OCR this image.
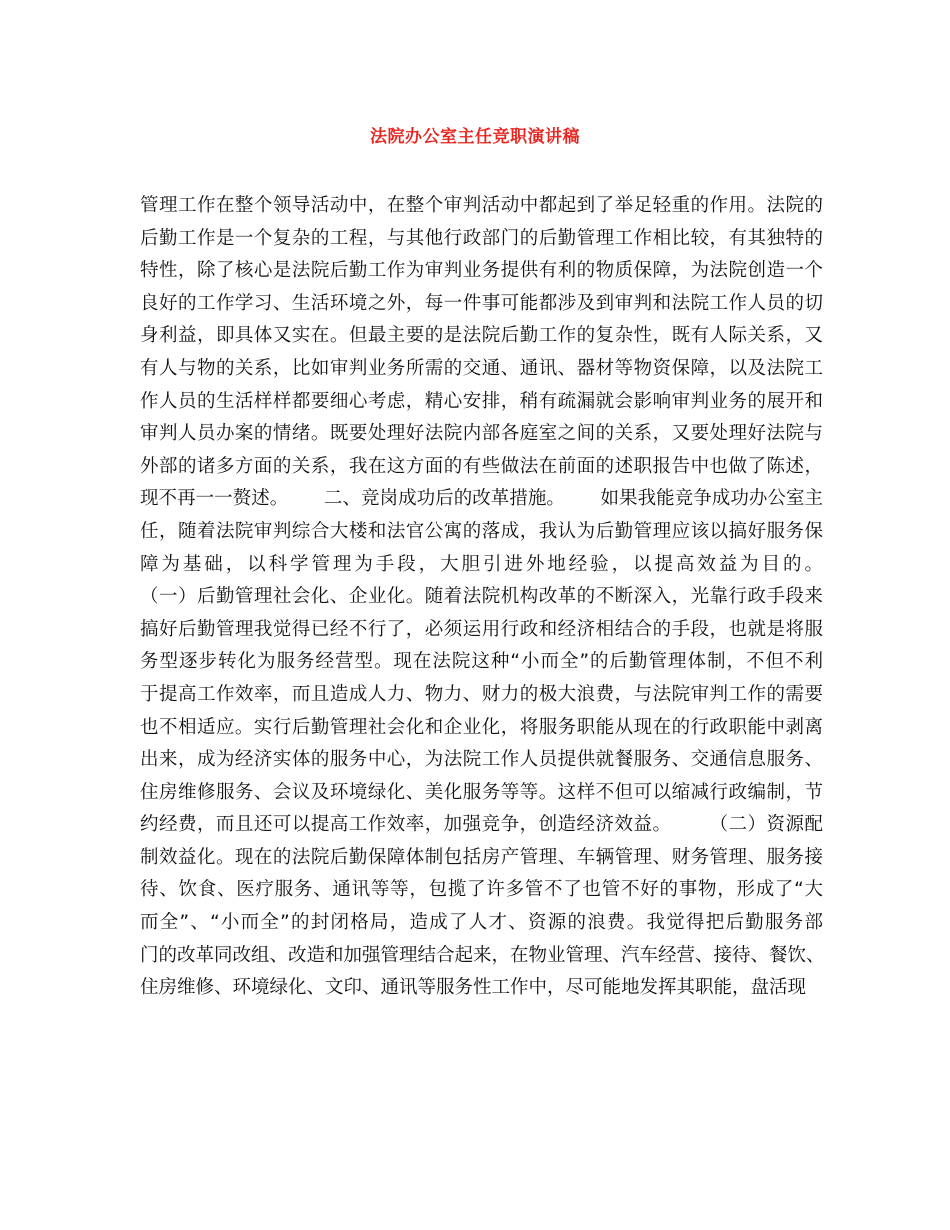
法院办公室主任竞职演讲稿
管理工作在整个领导活动中，在整个审判活动中都起到了举足轻重的作用。法院的
后勤工作是一个复杂的工程，与其他行政部门的后勤管理工作相比较，有其独特的
特性，除了核心是法院后勤工作为审判业务提供有利的物质保障，为法院创造一个
良好的工作学习、生活环境之外，每一件事可能都涉及到审判和法院工作人员的切
身利益，即具体又实在。但最主要的是法院后勤工作的复杂性，既有人际关系，又
有人与物的关系，比如审判业务所需的交通、通讯、器材等物资保障，以及法院工
作人员的生活样样都要细心考虑，精心安排，稍有疏漏就会影响审判业务的展开和
审判人员办案的情绪。既要处理好法院内部各庭室之间的关系，又要处理好法院与
外部的诸多方面的关系，我在这方面的有些做法在前面的述职报告中也做了陈述，
现不再一一赘述。      二、竞岗成功后的改革措施。      如果我能竞争成功办公室主
任，随着法院审判综合大楼和法官公寓的落成，我认为后勤管理应该以搞好服务保
障为基础，以科学管理为手段，大胆引进外地经验，以提高效益为目的。
（一）后勤管理社会化、企业化。随着法院机构改革的不断深入，光靠行政手段来
搞好后勤管理我觉得已经不行了，必须运用行政和经济相结合的手段，也就是将服
务型逐步转化为服务经营型。现在法院这种“小而全”的后勤管理体制，不但不利
于提高工作效率，而且造成人力、物力、财力的极大浪费，与法院审判工作的需要
也不相适应。实行后勤管理社会化和企业化，将服务职能从现在的行政职能中剥离
出来，成为经济实体的服务中心，为法院工作人员提供就餐服务、交通信息服务、
住房维修服务、会议及环境绿化、美化服务等等。这样不但可以缩减行政编制，节
约经费，而且还可以提高工作效率，加强竞争，创造经济效益。      （二）资源配
制效益化。现在的法院后勤保障体制包括房产管理、车辆管理、财务管理、服务接
待、饮食、医疗服务、通讯等等，包揽了许多管不了也管不好的事物，形成了“大
而全”、“小而全”的封闭格局，造成了人才、资源的浪费。我觉得把后勤服务部
门的改革同改组、改造和加强管理结合起来，在物业管理、汽车经营、接待、餐饮、
住房维修、环境绿化、文印、通讯等服务性工作中，尽可能地发挥其职能，盘活现
